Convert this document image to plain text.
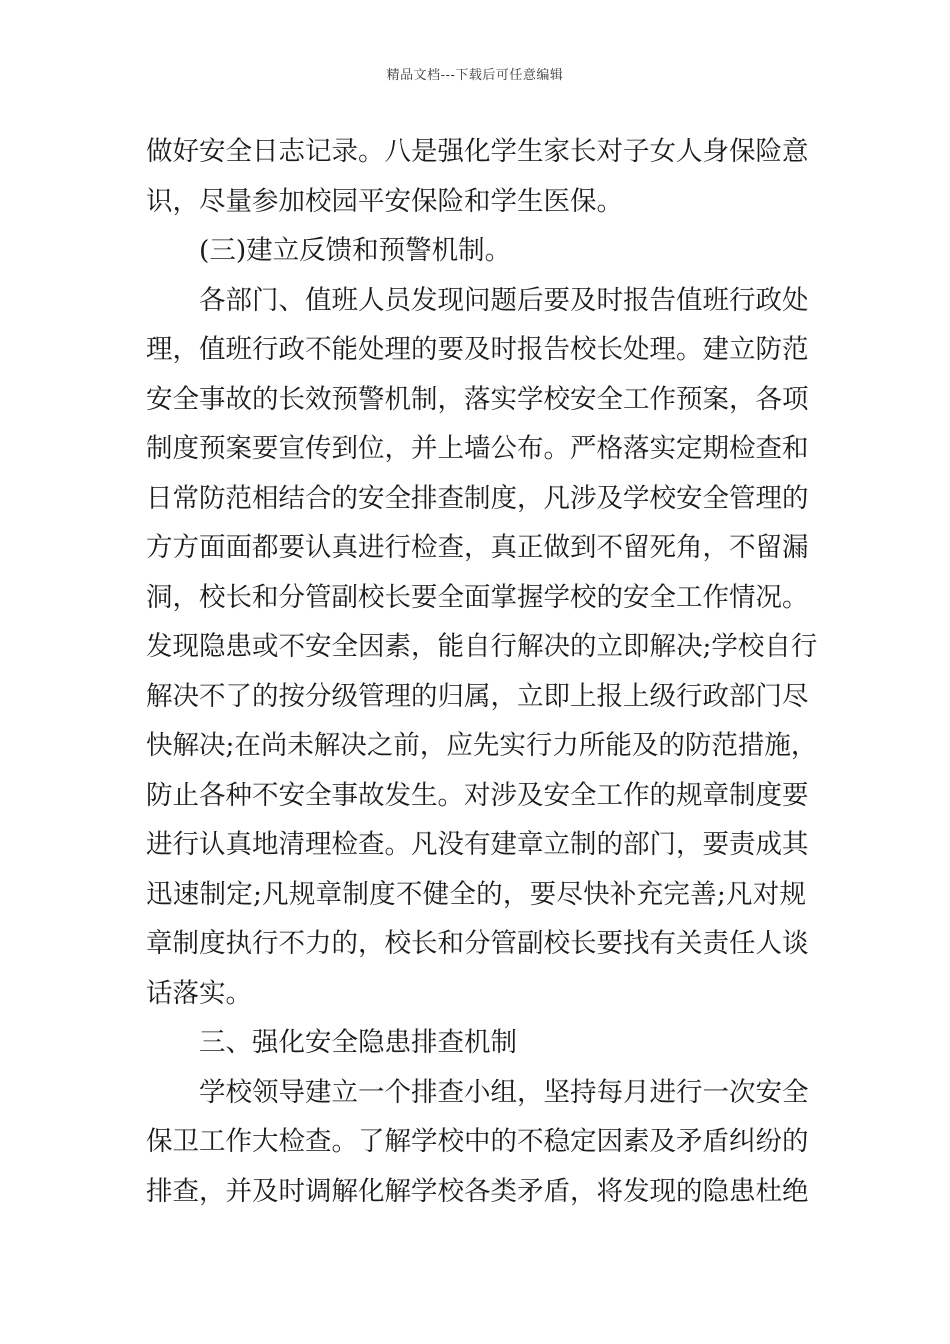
精品文档---下载后可任意编辑
做好安全日志记录。八是强化学生家长对子女人身保险意
识，尽量参加校园平安保险和学生医保。
(三)建立反馈和预警机制。
各部门、值班人员发现问题后要及时报告值班行政处
理，值班行政不能处理的要及时报告校长处理。建立防范
安全事故的长效预警机制，落实学校安全工作预案，各项
制度预案要宣传到位，并上墙公布。严格落实定期检查和
日常防范相结合的安全排查制度，凡涉及学校安全管理的
方方面面都要认真进行检查，真正做到不留死角，不留漏
洞，校长和分管副校长要全面掌握学校的安全工作情况。
发现隐患或不安全因素，能自行解决的立即解决;学校自行
解决不了的按分级管理的归属，立即上报上级行政部门尽
快解决;在尚未解决之前，应先实行力所能及的防范措施，
防止各种不安全事故发生。对涉及安全工作的规章制度要
进行认真地清理检查。凡没有建章立制的部门，要责成其
迅速制定;凡规章制度不健全的，要尽快补充完善;凡对规
章制度执行不力的，校长和分管副校长要找有关责任人谈
话落实。
三、强化安全隐患排查机制
学校领导建立一个排查小组，坚持每月进行一次安全
保卫工作大检查。了解学校中的不稳定因素及矛盾纠纷的
排查，并及时调解化解学校各类矛盾，将发现的隐患杜绝
